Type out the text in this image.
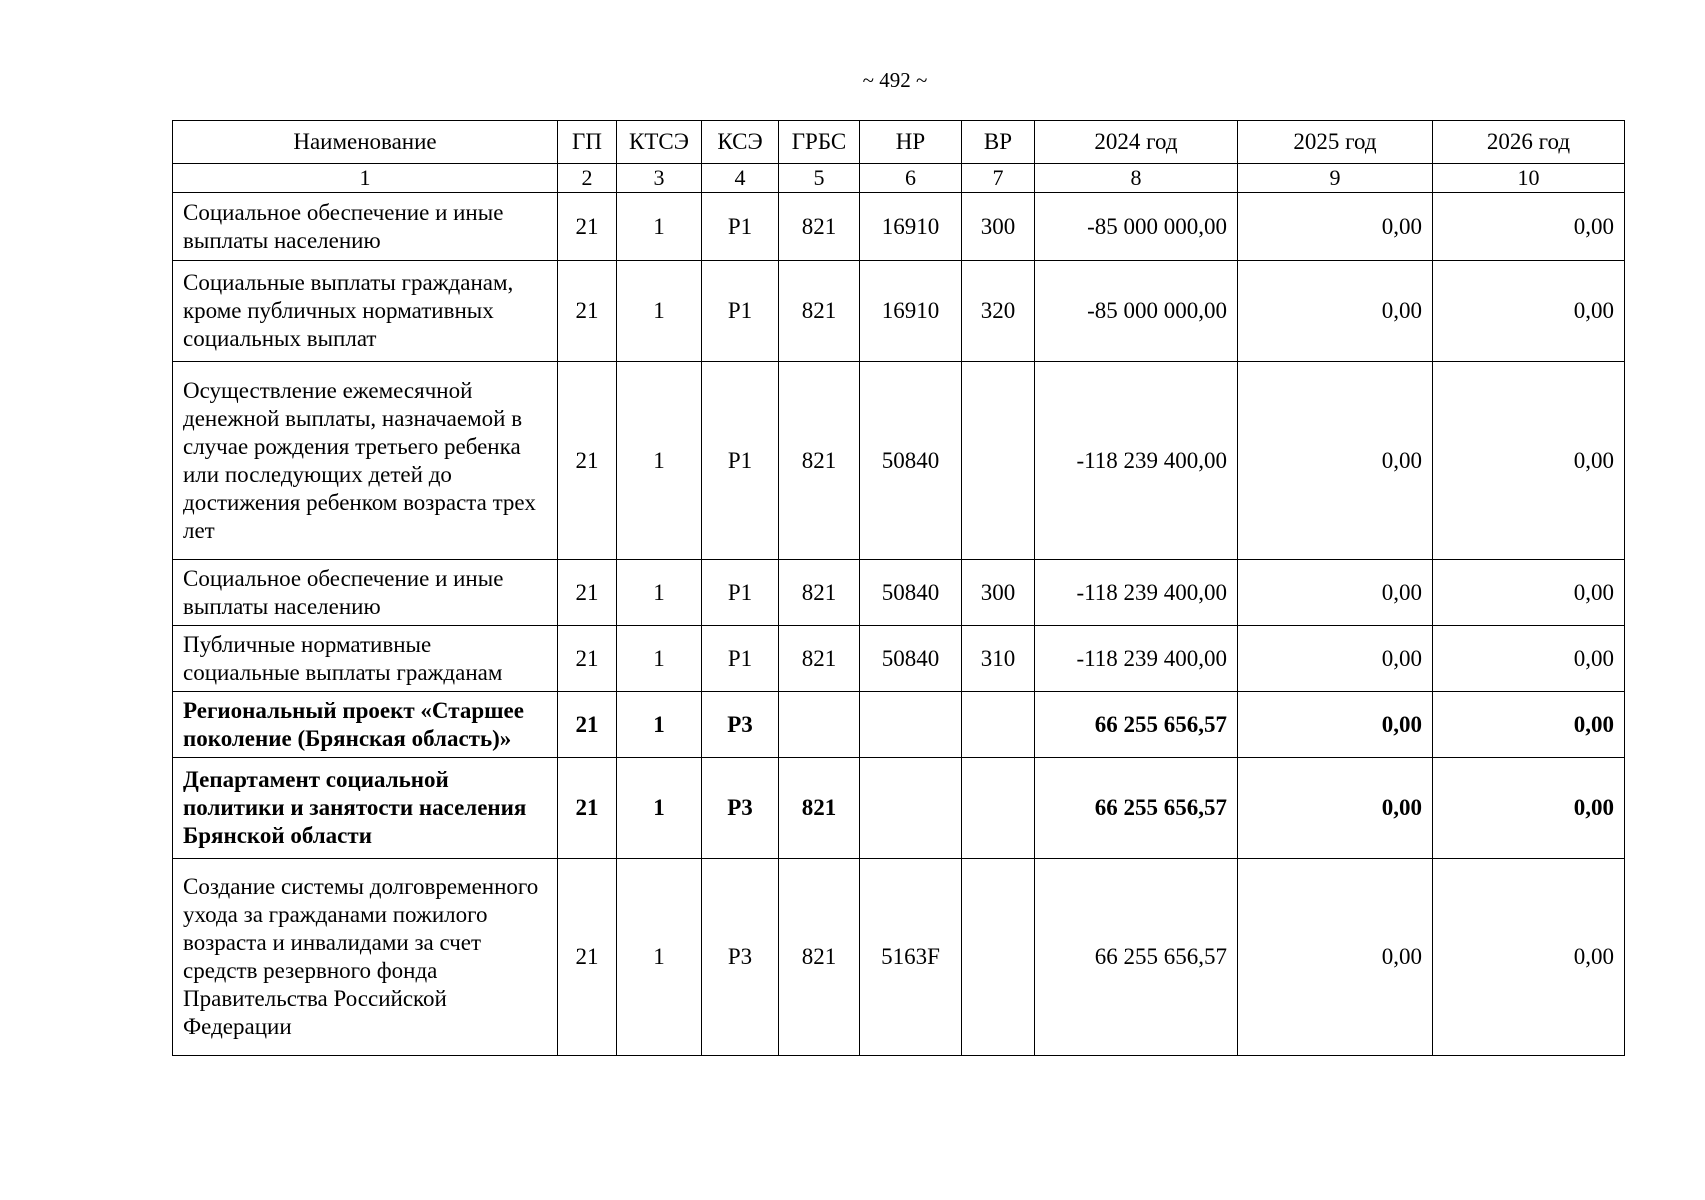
~ 492 ~
Наименование	ГП	КТСЭ	КСЭ	ГРБС	НР	ВР	2024 год	2025 год	2026 год
1	2	3	4	5	6	7	8	9	10
Социальное обеспечение и иные выплаты населению	21	1	P1	821	16910	300	-85 000 000,00	0,00	0,00
Социальные выплаты гражданам, кроме публичных нормативных социальных выплат	21	1	P1	821	16910	320	-85 000 000,00	0,00	0,00
Осуществление ежемесячной денежной выплаты, назначаемой в случае рождения третьего ребенка или последующих детей до достижения ребенком возраста трех лет	21	1	P1	821	50840		-118 239 400,00	0,00	0,00
Социальное обеспечение и иные выплаты населению	21	1	P1	821	50840	300	-118 239 400,00	0,00	0,00
Публичные нормативные социальные выплаты гражданам	21	1	P1	821	50840	310	-118 239 400,00	0,00	0,00
Региональный проект «Старшее поколение (Брянская область)»	21	1	P3				66 255 656,57	0,00	0,00
Департамент социальной политики и занятости населения Брянской области	21	1	P3	821			66 255 656,57	0,00	0,00
Создание системы долговременного ухода за гражданами пожилого возраста и инвалидами за счет средств резервного фонда Правительства Российской Федерации	21	1	P3	821	5163F		66 255 656,57	0,00	0,00
